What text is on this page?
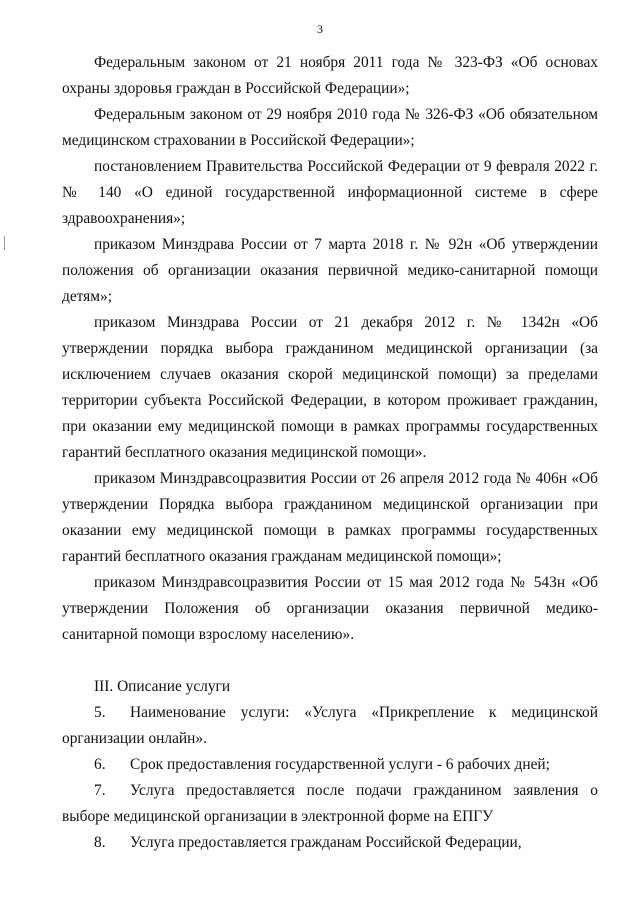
3

Федеральным законом от 21 ноября 2011 года № 323-ФЗ «Об основах охраны здоровья граждан в Российской Федерации»;

Федеральным законом от 29 ноября 2010 года № 326-ФЗ «Об обязательном медицинском страховании в Российской Федерации»;

постановлением Правительства Российской Федерации от 9 февраля 2022 г. № 140 «О единой государственной информационной системе в сфере здравоохранения»;

приказом Минздрава России от 7 марта 2018 г. № 92н «Об утверждении положения об организации оказания первичной медико-санитарной помощи детям»;

приказом Минздрава России от 21 декабря 2012 г. № 1342н «Об утверждении порядка выбора гражданином медицинской организации (за исключением случаев оказания скорой медицинской помощи) за пределами территории субъекта Российской Федерации, в котором проживает гражданин, при оказании ему медицинской помощи в рамках программы государственных гарантий бесплатного оказания медицинской помощи».

приказом Минздравсоцразвития России от 26 апреля 2012 года № 406н «Об утверждении Порядка выбора гражданином медицинской организации при оказании ему медицинской помощи в рамках программы государственных гарантий бесплатного оказания гражданам медицинской помощи»;

приказом Минздравсоцразвития России от 15 мая 2012 года № 543н «Об утверждении Положения об организации оказания первичной медико-санитарной помощи взрослому населению».

III. Описание услуги

5. Наименование услуги: «Услуга «Прикрепление к медицинской организации онлайн».

6. Срок предоставления государственной услуги - 6 рабочих дней;

7. Услуга предоставляется после подачи гражданином заявления о выборе медицинской организации в электронной форме на ЕПГУ

8. Услуга предоставляется гражданам Российской Федерации,
